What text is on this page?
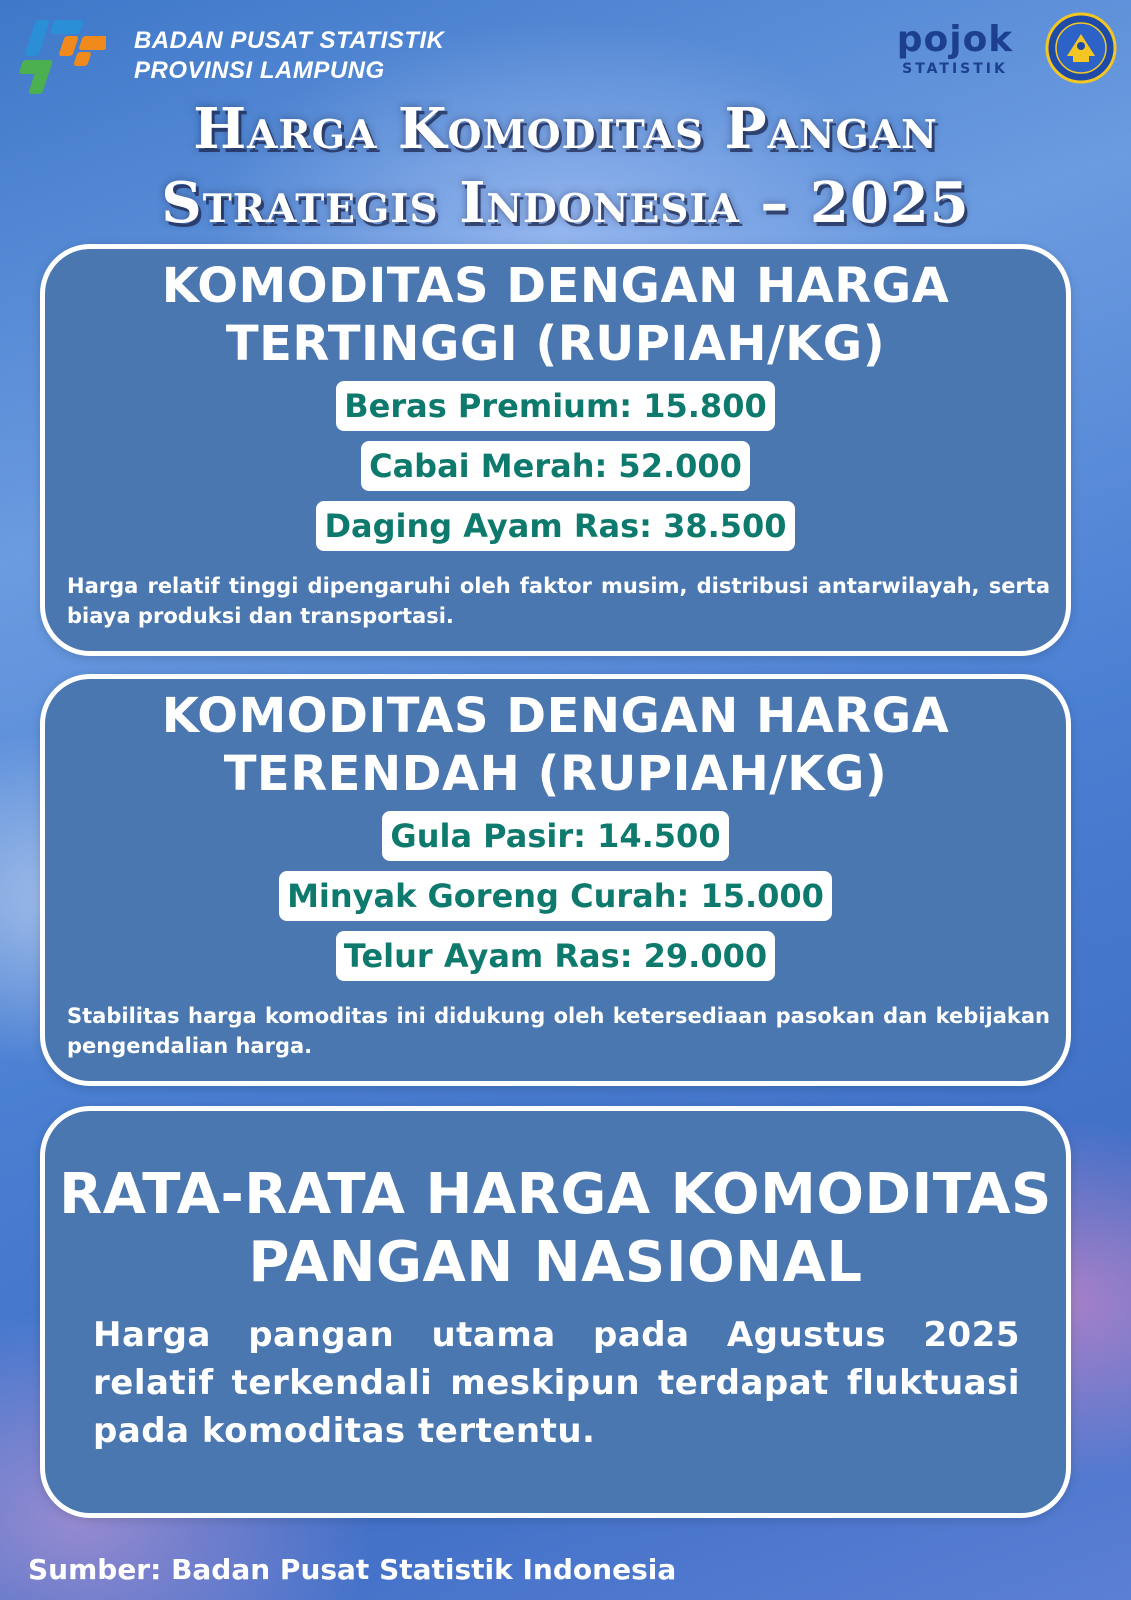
BADAN PUSAT STATISTIK
PROVINSI LAMPUNG
pojok
STATISTIK
Harga Komoditas Pangan
Strategis Indonesia – 2025
KOMODITAS DENGAN HARGA
TERTINGGI (RUPIAH/KG)
Beras Premium: 15.800
Cabai Merah: 52.000
Daging Ayam Ras: 38.500
Harga relatif tinggi dipengaruhi oleh faktor musim, distribusi antarwilayah, serta biaya produksi dan transportasi.
KOMODITAS DENGAN HARGA
TERENDAH (RUPIAH/KG)
Gula Pasir: 14.500
Minyak Goreng Curah: 15.000
Telur Ayam Ras: 29.000
Stabilitas harga komoditas ini didukung oleh ketersediaan pasokan dan kebijakan pengendalian harga.
RATA-RATA HARGA KOMODITAS
PANGAN NASIONAL
Harga pangan utama pada Agustus 2025 relatif terkendali meskipun terdapat fluktuasi pada komoditas tertentu.
Sumber: Badan Pusat Statistik Indonesia
